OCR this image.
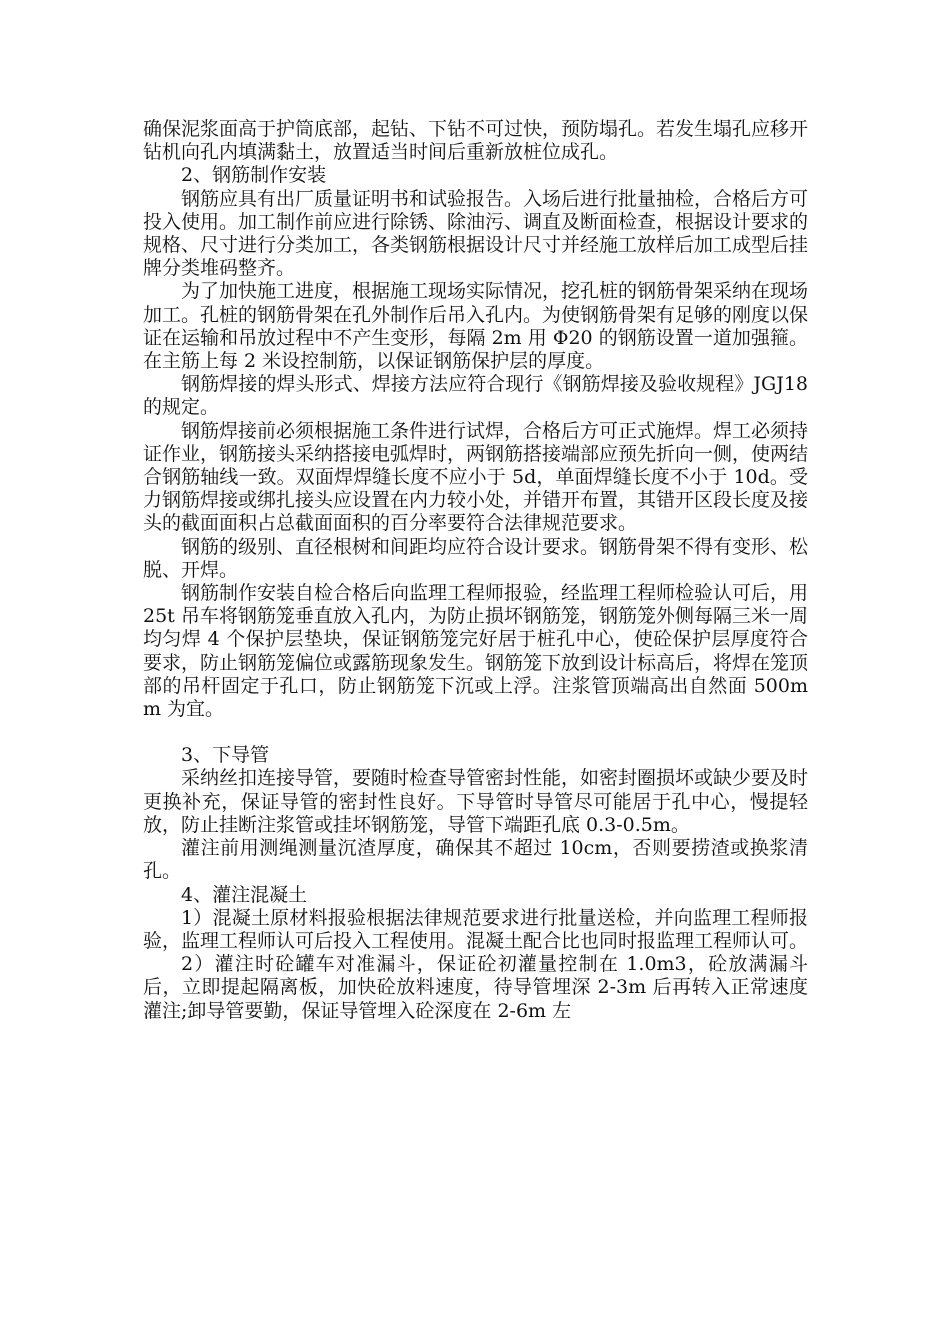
确保泥浆面高于护筒底部，起钻、下钻不可过快，预防塌孔。若发生塌孔应移开钻机向孔内填满黏土，放置适当时间后重新放桩位成孔。

2、钢筋制作安装

钢筋应具有出厂质量证明书和试验报告。入场后进行批量抽检，合格后方可投入使用。加工制作前应进行除锈、除油污、调直及断面检查，根据设计要求的规格、尺寸进行分类加工，各类钢筋根据设计尺寸并经施工放样后加工成型后挂牌分类堆码整齐。

为了加快施工进度，根据施工现场实际情况，挖孔桩的钢筋骨架采纳在现场加工。孔桩的钢筋骨架在孔外制作后吊入孔内。为使钢筋骨架有足够的刚度以保证在运输和吊放过程中不产生变形，每隔 2m 用 Φ20 的钢筋设置一道加强箍。在主筋上每 2 米设控制筋，以保证钢筋保护层的厚度。

钢筋焊接的焊头形式、焊接方法应符合现行《钢筋焊接及验收规程》JGJ18 的规定。

钢筋焊接前必须根据施工条件进行试焊，合格后方可正式施焊。焊工必须持证作业，钢筋接头采纳搭接电弧焊时，两钢筋搭接端部应预先折向一侧，使两结合钢筋轴线一致。双面焊焊缝长度不应小于 5d，单面焊缝长度不小于 10d。受力钢筋焊接或绑扎接头应设置在内力较小处，并错开布置，其错开区段长度及接头的截面面积占总截面面积的百分率要符合法律规范要求。

钢筋的级别、直径根树和间距均应符合设计要求。钢筋骨架不得有变形、松脱、开焊。

钢筋制作安装自检合格后向监理工程师报验，经监理工程师检验认可后，用 25t 吊车将钢筋笼垂直放入孔内，为防止损坏钢筋笼，钢筋笼外侧每隔三米一周均匀焊 4 个保护层垫块，保证钢筋笼完好居于桩孔中心，使砼保护层厚度符合要求，防止钢筋笼偏位或露筋现象发生。钢筋笼下放到设计标高后，将焊在笼顶部的吊杆固定于孔口，防止钢筋笼下沉或上浮。注浆管顶端高出自然面 500mm 为宜。

3、下导管

采纳丝扣连接导管，要随时检查导管密封性能，如密封圈损坏或缺少要及时更换补充，保证导管的密封性良好。下导管时导管尽可能居于孔中心，慢提轻放，防止挂断注浆管或挂坏钢筋笼，导管下端距孔底 0.3-0.5m。

灌注前用测绳测量沉渣厚度，确保其不超过 10cm，否则要捞渣或换浆清孔。

4、灌注混凝土

1）混凝土原材料报验根据法律规范要求进行批量送检，并向监理工程师报验，监理工程师认可后投入工程使用。混凝土配合比也同时报监理工程师认可。

2）灌注时砼罐车对准漏斗，保证砼初灌量控制在 1.0m3，砼放满漏斗后，立即提起隔离板，加快砼放料速度，待导管埋深 2-3m 后再转入正常速度灌注;卸导管要勤，保证导管埋入砼深度在 2-6m 左
